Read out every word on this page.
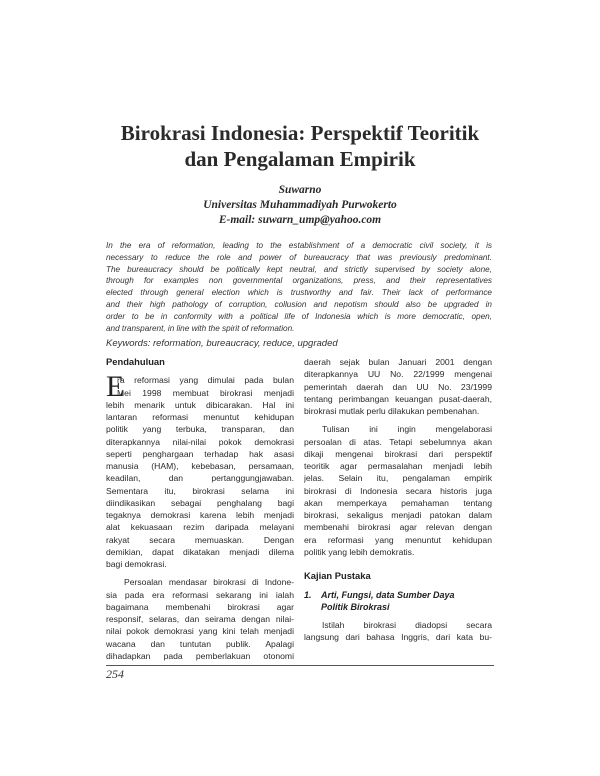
Birokrasi Indonesia: Perspektif Teoritik
dan Pengalaman Empirik
Suwarno
Universitas Muhammadiyah Purwokerto
E-mail: suwarn_ump@yahoo.com
In the era of reformation, leading to the establishment of a democratic civil society, it is
necessary to reduce the role and power of bureaucracy that was previously predominant.
The bureaucracy should be politically kept neutral, and strictly supervised by society alone,
through for examples non governmental organizations, press, and their representatives
elected through general election which is trustworthy and fair. Their lack of performance
and their high pathology of corruption, collusion and nepotism should also be upgraded in
order to be in conformity with a political life of Indonesia which is more democratic, open,
and transparent, in line with the spirit of reformation.
Keywords: reformation, bureaucracy, reduce, upgraded
Pendahuluan
E
ra reformasi yang dimulai pada bulan
Mei 1998 membuat birokrasi menjadi
lebih menarik untuk dibicarakan. Hal ini
lantaran reformasi menuntut kehidupan
politik yang terbuka, transparan, dan
diterapkannya nilai-nilai pokok demokrasi
seperti penghargaan terhadap hak asasi
manusia (HAM), kebebasan, persamaan,
keadilan, dan pertanggungjawaban.
Sementara itu, birokrasi selama ini
diindikasikan sebagai penghalang bagi
tegaknya demokrasi karena lebih menjadi
alat kekuasaan rezim daripada melayani
rakyat secara memuaskan. Dengan
demikian, dapat dikatakan menjadi dilema
bagi demokrasi.
Persoalan mendasar birokrasi di Indone-
sia pada era reformasi sekarang ini ialah
bagaimana membenahi birokrasi agar
responsif, selaras, dan seirama dengan nilai-
nilai pokok demokrasi yang kini telah menjadi
wacana dan tuntutan publik. Apalagi
dihadapkan pada pemberlakuan otonomi
daerah sejak bulan Januari 2001 dengan
diterapkannya UU No. 22/1999 mengenai
pemerintah daerah dan UU No. 23/1999
tentang perimbangan keuangan pusat-daerah,
birokrasi mutlak perlu dilakukan pembenahan.
Tulisan ini ingin mengelaborasi
persoalan di atas. Tetapi sebelumnya akan
dikaji mengenai birokrasi dari perspektif
teoritik agar permasalahan menjadi lebih
jelas. Selain itu, pengalaman empirik
birokrasi di Indonesia secara historis juga
akan memperkaya pemahaman tentang
birokrasi, sekaligus menjadi patokan dalam
membenahi birokrasi agar relevan dengan
era reformasi yang menuntut kehidupan
politik yang lebih demokratis.
Kajian Pustaka
1. Arti, Fungsi, data Sumber Daya
Politik Birokrasi
Istilah birokrasi diadopsi secara
langsung dari bahasa Inggris, dari kata bu-
254
